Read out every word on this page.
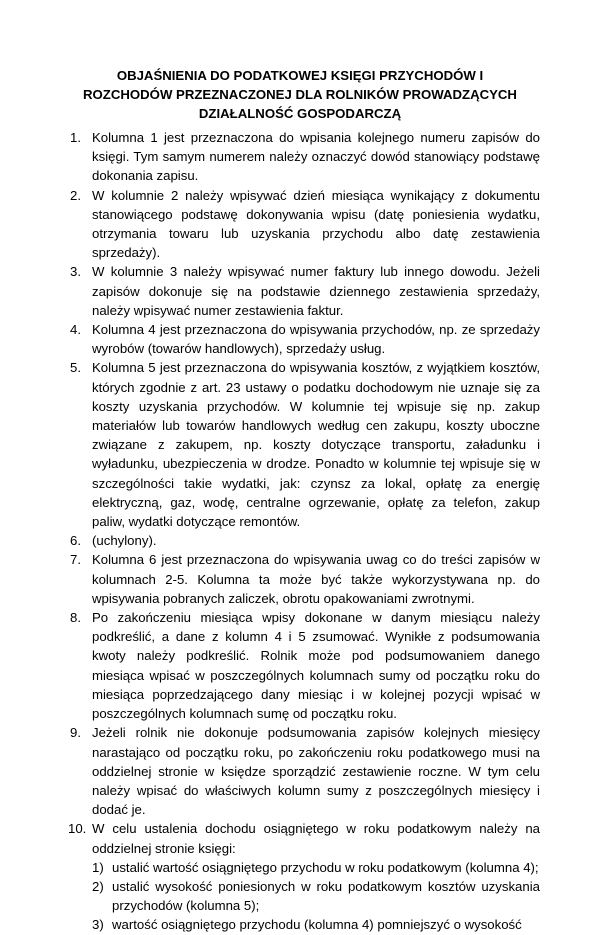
OBJAŚNIENIA DO PODATKOWEJ KSIĘGI PRZYCHODÓW I
ROZCHODÓW PRZEZNACZONEJ DLA ROLNIKÓW PROWADZĄCYCH
DZIAŁALNOŚĆ GOSPODARCZĄ
1. Kolumna 1 jest przeznaczona do wpisania kolejnego numeru zapisów do księgi. Tym samym numerem należy oznaczyć dowód stanowiący podstawę dokonania zapisu.
2. W kolumnie 2 należy wpisywać dzień miesiąca wynikający z dokumentu stanowiącego podstawę dokonywania wpisu (datę poniesienia wydatku, otrzymania towaru lub uzyskania przychodu albo datę zestawienia sprzedaży).
3. W kolumnie 3 należy wpisywać numer faktury lub innego dowodu. Jeżeli zapisów dokonuje się na podstawie dziennego zestawienia sprzedaży, należy wpisywać numer zestawienia faktur.
4. Kolumna 4 jest przeznaczona do wpisywania przychodów, np. ze sprzedaży wyrobów (towarów handlowych), sprzedaży usług.
5. Kolumna 5 jest przeznaczona do wpisywania kosztów, z wyjątkiem kosztów, których zgodnie z art. 23 ustawy o podatku dochodowym nie uznaje się za koszty uzyskania przychodów. W kolumnie tej wpisuje się np. zakup materiałów lub towarów handlowych według cen zakupu, koszty uboczne związane z zakupem, np. koszty dotyczące transportu, załadunku i wyładunku, ubezpieczenia w drodze. Ponadto w kolumnie tej wpisuje się w szczególności takie wydatki, jak: czynsz za lokal, opłatę za energię elektryczną, gaz, wodę, centralne ogrzewanie, opłatę za telefon, zakup paliw, wydatki dotyczące remontów.
6. (uchylony).
7. Kolumna 6 jest przeznaczona do wpisywania uwag co do treści zapisów w kolumnach 2-5. Kolumna ta może być także wykorzystywana np. do wpisywania pobranych zaliczek, obrotu opakowaniami zwrotnymi.
8. Po zakończeniu miesiąca wpisy dokonane w danym miesiącu należy podkreślić, a dane z kolumn 4 i 5 zsumować. Wynikłe z podsumowania kwoty należy podkreślić. Rolnik może pod podsumowaniem danego miesiąca wpisać w poszczególnych kolumnach sumy od początku roku do miesiąca poprzedzającego dany miesiąc i w kolejnej pozycji wpisać w poszczególnych kolumnach sumę od początku roku.
9. Jeżeli rolnik nie dokonuje podsumowania zapisów kolejnych miesięcy narastająco od początku roku, po zakończeniu roku podatkowego musi na oddzielnej stronie w księdze sporządzić zestawienie roczne. W tym celu należy wpisać do właściwych kolumn sumy z poszczególnych miesięcy i dodać je.
10. W celu ustalenia dochodu osiągniętego w roku podatkowym należy na oddzielnej stronie księgi:
1) ustalić wartość osiągniętego przychodu w roku podatkowym (kolumna 4);
2) ustalić wysokość poniesionych w roku podatkowym kosztów uzyskania przychodów (kolumna 5);
3) wartość osiągniętego przychodu (kolumna 4) pomniejszyć o wysokość
